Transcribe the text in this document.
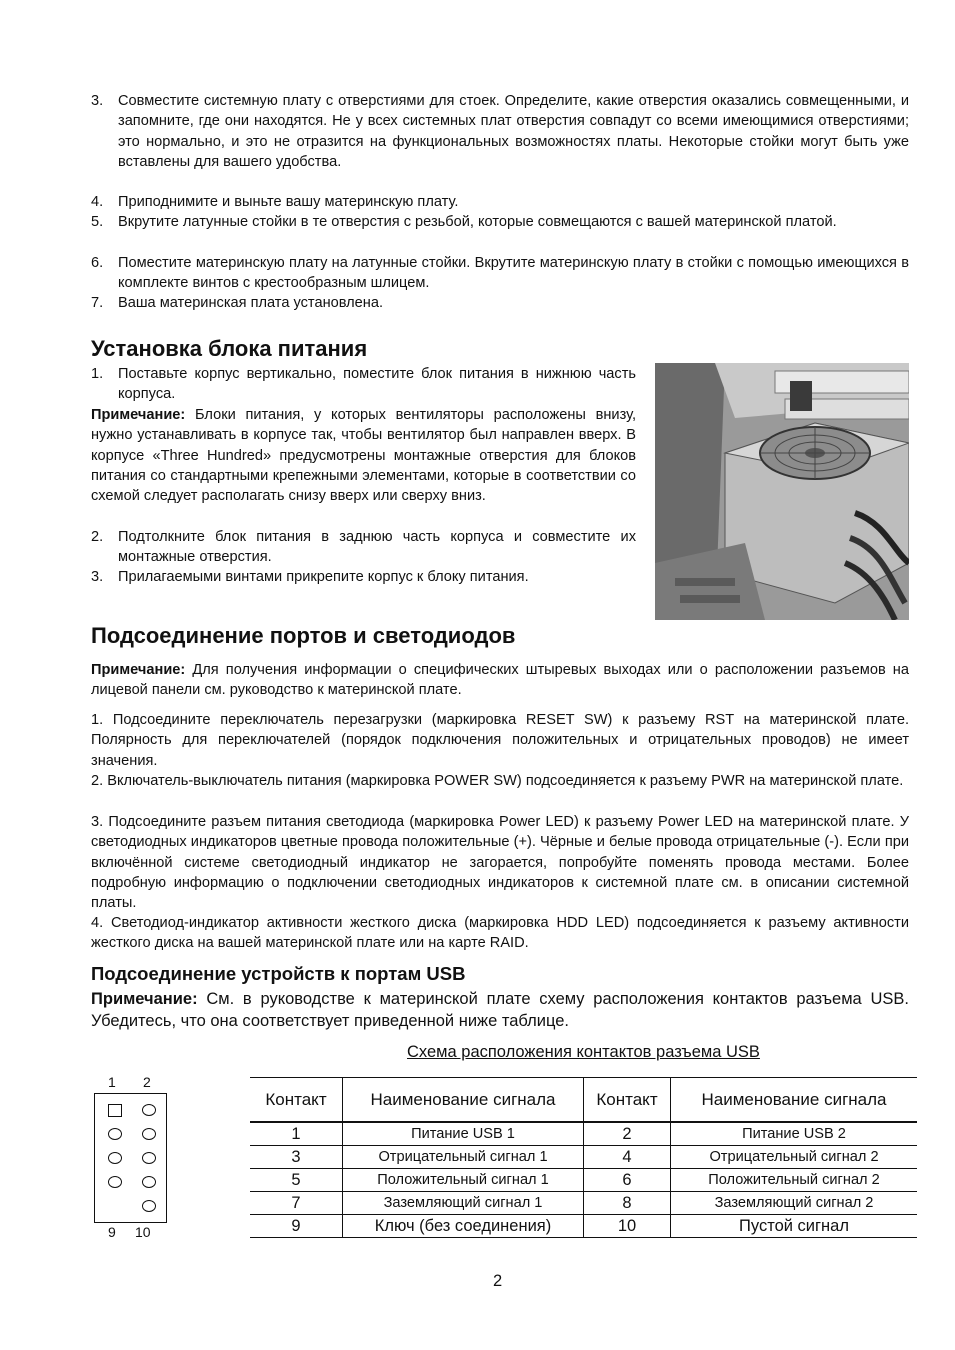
3. Совместите системную плату с отверстиями для стоек. Определите, какие отверстия оказались совмещенными, и запомните, где они находятся. Не у всех системных плат отверстия совпадут со всеми имеющимися отверстиями; это нормально, и это не отразится на функциональных возможностях платы. Некоторые стойки могут быть уже вставлены для вашего удобства.
4. Приподнимите и выньте вашу материнскую плату.
5. Вкрутите латунные стойки в те отверстия с резьбой, которые совмещаются с вашей материнской платой.
6. Поместите материнскую плату на латунные стойки. Вкрутите материнскую плату в стойки с помощью имеющихся в комплекте винтов с крестообразным шлицем.
7. Ваша материнская плата установлена.
Установка блока питания
1. Поставьте корпус вертикально, поместите блок питания в нижнюю часть корпуса.
Примечание: Блоки питания, у которых вентиляторы расположены внизу, нужно устанавливать в корпусе так, чтобы вентилятор был направлен вверх. В корпусе «Three Hundred» предусмотрены монтажные отверстия для блоков питания со стандартными крепежными элементами, которые в соответствии со схемой следует располагать снизу вверх или сверху вниз.
2. Подтолкните блок питания в заднюю часть корпуса и совместите их монтажные отверстия.
3. Прилагаемыми винтами прикрепите корпус к блоку питания.
Подсоединение портов и светодиодов
Примечание: Для получения информации о специфических штыревых выходах или о расположении разъемов на лицевой панели см. руководство к материнской плате.
1. Подсоедините переключатель перезагрузки (маркировка RESET SW) к разъему RST на материнской плате. Полярность для переключателей (порядок подключения положительных и отрицательных проводов) не имеет значения.
2. Включатель-выключатель питания (маркировка POWER SW) подсоединяется к разъему PWR на материнской плате.
3. Подсоедините разъем питания светодиода (маркировка Power LED) к разъему Power LED на материнской плате. У светодиодных индикаторов цветные провода положительные (+). Чёрные и белые провода отрицательные (-). Если при включённой системе светодиодный индикатор не загорается, попробуйте поменять провода местами. Более подробную информацию о подключении светодиодных индикаторов к системной плате см. в описании системной платы.
4. Светодиод-индикатор активности жесткого диска (маркировка HDD LED) подсоединяется к разъему активности жесткого диска на вашей материнской плате или на карте RAID.
Подсоединение устройств к портам USB
Примечание: См. в руководстве к материнской плате схему расположения контактов разъема USB. Убедитесь, что она соответствует приведенной ниже таблице.
Схема расположения контактов разъема USB
1 2
9 10
Контакт	Наименование сигнала	Контакт	Наименование сигнала
1	Питание USB 1	2	Питание USB 2
3	Отрицательный сигнал 1	4	Отрицательный сигнал 2
5	Положительный сигнал 1	6	Положительный сигнал 2
7	Заземляющий сигнал 1	8	Заземляющий сигнал 2
9	Ключ (без соединения)	10	Пустой сигнал
2
